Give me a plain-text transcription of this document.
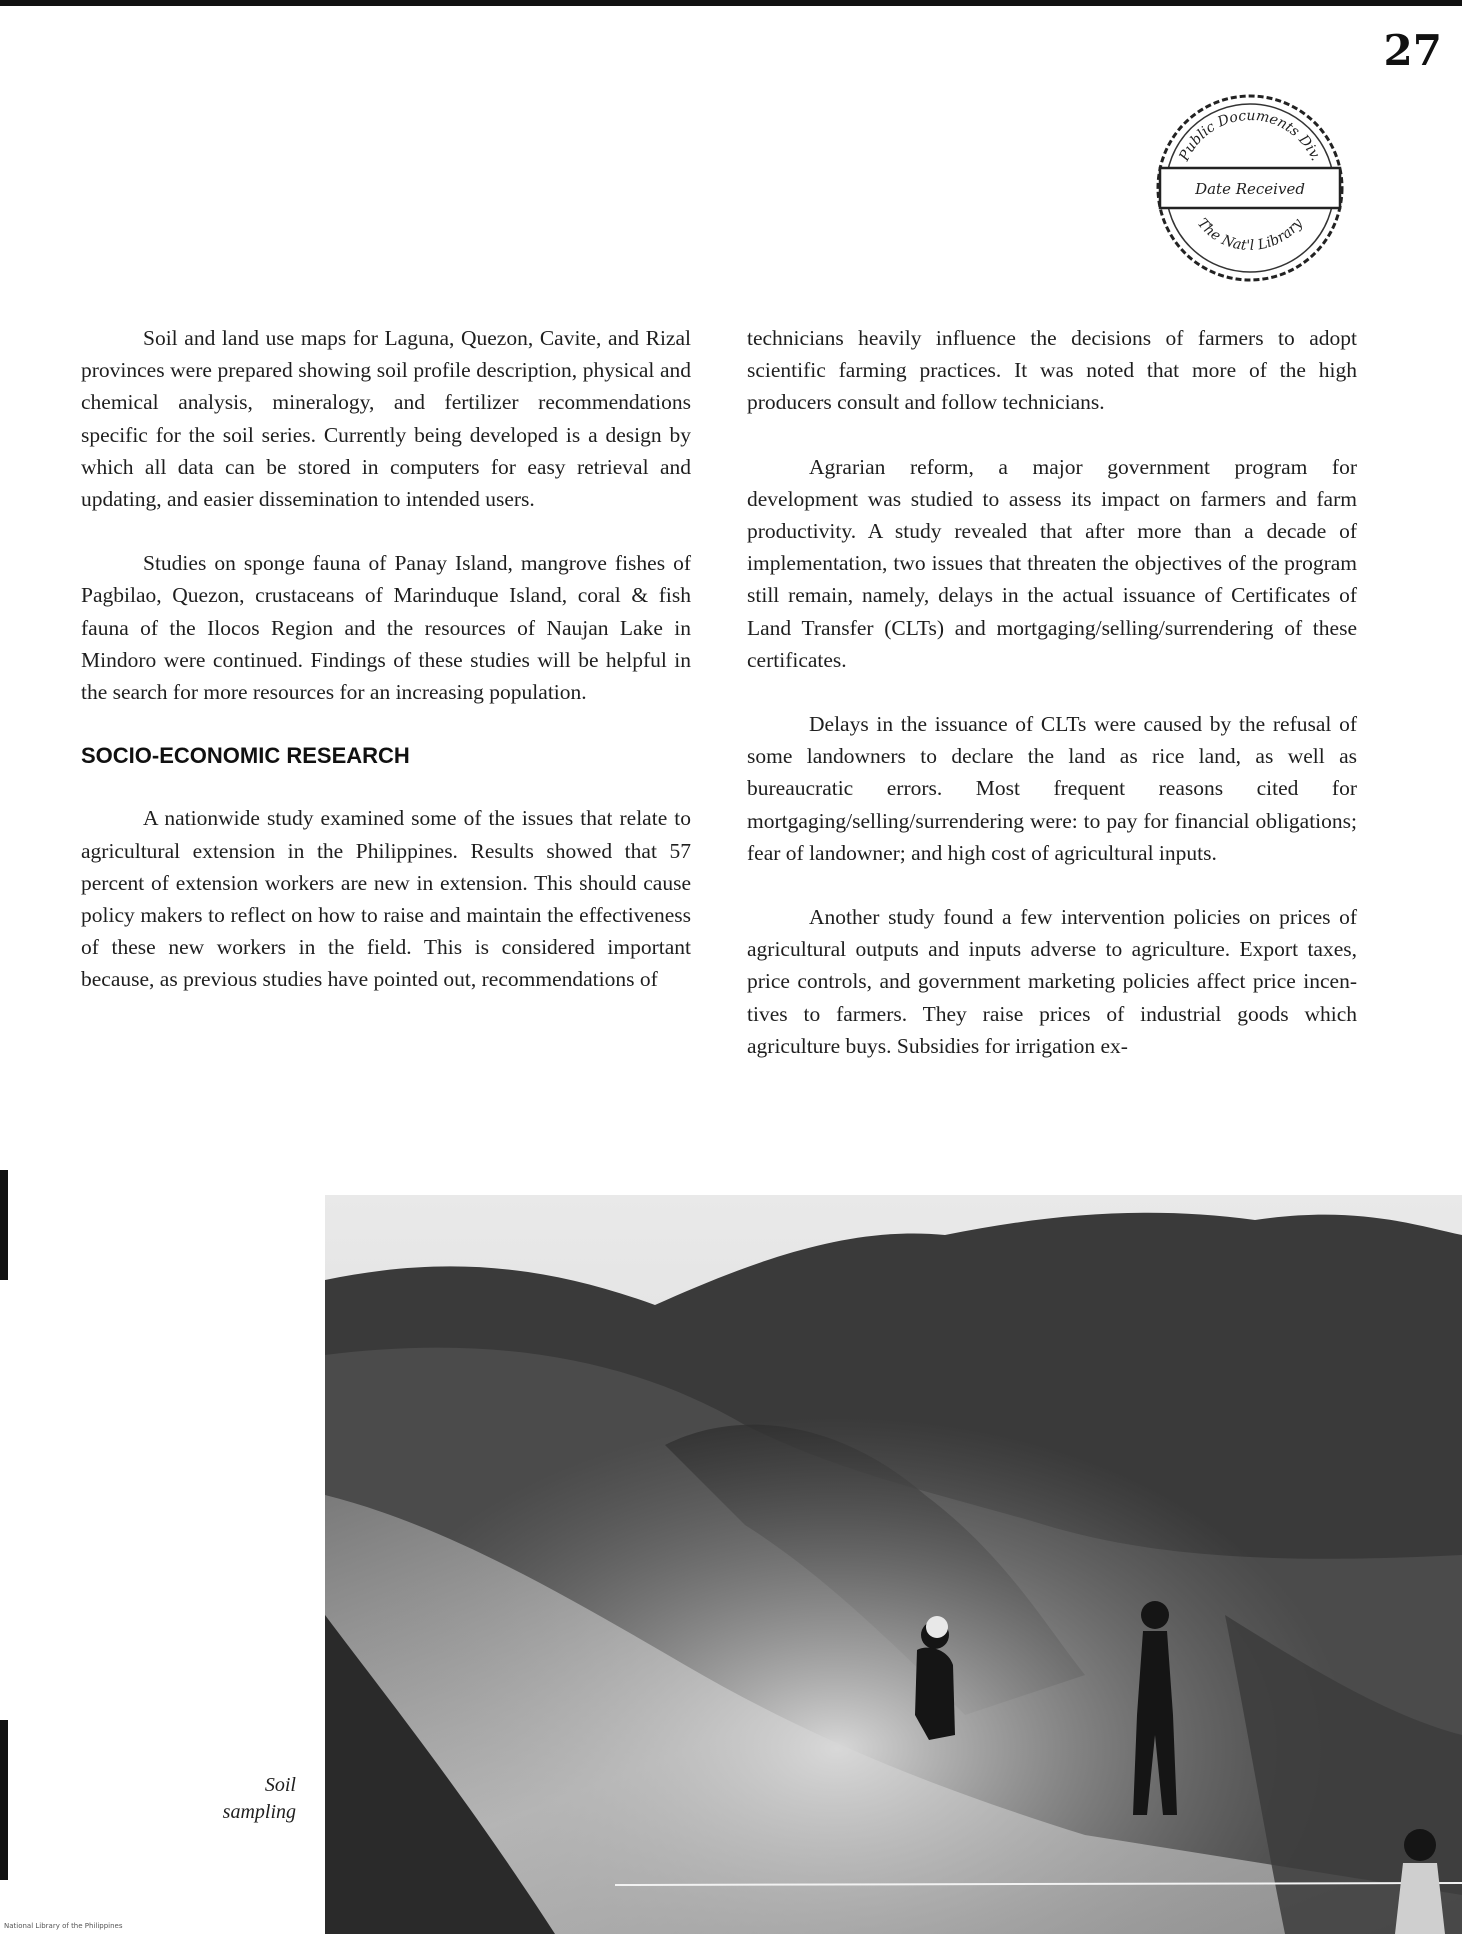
27
Public Documents Div.
Date Received
The Nat'l Library

Soil and land use maps for Laguna, Quezon, Cavite, and Rizal provinces were prepared showing soil profile description, physical and chemical analysis, mineralogy, and fertilizer recommendations specific for the soil series. Currently being developed is a design by which all data can be stored in computers for easy retrieval and updating, and easier dissemination to intended users.

Studies on sponge fauna of Panay Island, mangrove fishes of Pagbilao, Quezon, crustaceans of Marinduque Island, coral & fish fauna of the Ilocos Region and the resources of Naujan Lake in Mindoro were continued. Findings of these studies will be helpful in the search for more resources for an increasing population.

SOCIO-ECONOMIC RESEARCH

A nationwide study examined some of the issues that relate to agricultural extension in the Philippines. Results showed that 57 percent of extension workers are new in extension. This should cause policy makers to reflect on how to raise and maintain the effectiveness of these new workers in the field. This is considered important because, as previous studies have pointed out, recommendations of

technicians heavily influence the decisions of farmers to adopt scientific farming practices. It was noted that more of the high producers consult and follow technicians.

Agrarian reform, a major government program for development was studied to assess its impact on farmers and farm productivity. A study revealed that after more than a decade of implementation, two issues that threaten the objectives of the program still remain, namely, delays in the actual issuance of Certificates of Land Transfer (CLTs) and mortgaging/selling/surrendering of these certificates.

Delays in the issuance of CLTs were caused by the refusal of some landowners to declare the land as rice land, as well as bureaucratic errors. Most frequent reasons cited for mortgaging/selling/surrendering were: to pay for financial obligations; fear of landowner; and high cost of agricultural inputs.

Another study found a few intervention policies on prices of agricultural outputs and inputs adverse to agriculture. Export taxes, price controls, and government marketing policies affect price incentives to farmers. They raise prices of industrial goods which agriculture buys. Subsidies for irrigation ex-

Soil
sampling
National Library of the Philippines
